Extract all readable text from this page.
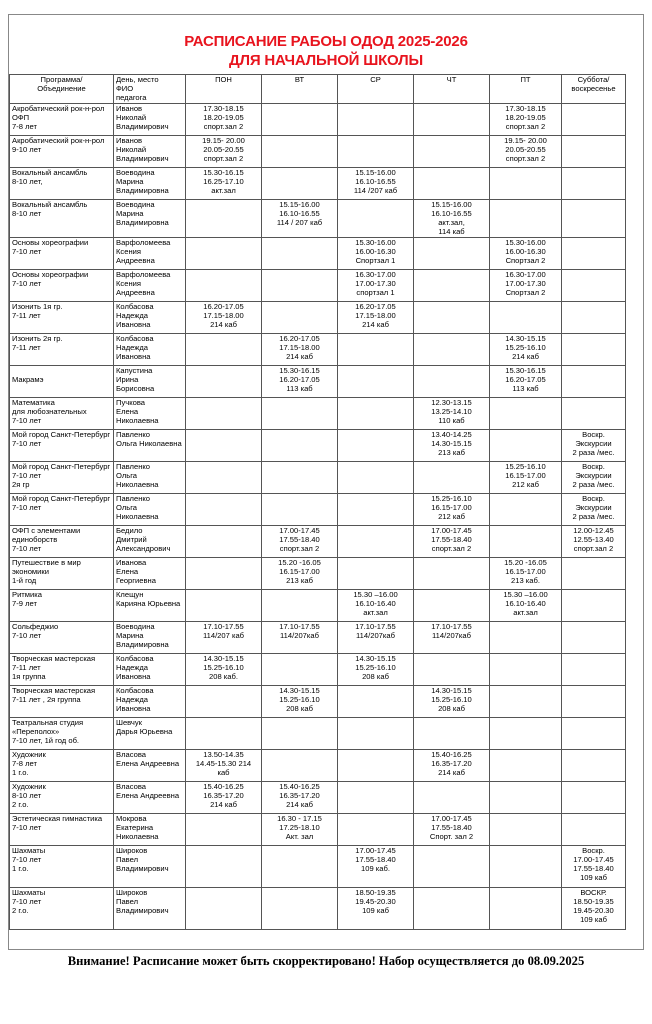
РАСПИСАНИЕ РАБОЫ ОДОД 2025-2026
ДЛЯ НАЧАЛЬНОЙ ШКОЛЫ
Программа/
Объединение	День, место
ФИО
педагога	ПОН	ВТ	СР	ЧТ	ПТ	Суббота/
воскресенье
Акробатический рок-н-рол
ОФП
7-8 лет	Иванов
Николай
Владимирович	17.30-18.15
18.20-19.05
спорт.зал 2				17.30-18.15
18.20-19.05
спорт.зал 2	
Акробатический рок-н-рол
9-10 лет	Иванов
Николай
Владимирович	19.15- 20.00
20.05-20.55
спорт.зал 2				19.15- 20.00
20.05-20.55
спорт.зал 2	
Вокальный ансамбль
8-10 лет,	Воеводина
Марина
Владимировна	15.30-16.15
16.25-17.10
акт.зал		15.15-16.00
16.10-16.55
114 /207 каб			
Вокальный ансамбль
8-10 лет	Воеводина
Марина
Владимировна		15.15-16.00
16.10-16.55
114 / 207 каб		15.15-16.00
16.10-16.55
акт.зал,
114 каб		
Основы хореографии
7-10 лет	Варфоломеева
Ксения
Андреевна			15.30-16.00
16.00-16.30
Спортзал 1		15.30-16.00
16.00-16.30
Спортзал 2	
Основы хореографии
7-10 лет	Варфоломеева
Ксения
Андреевна			16.30-17.00
17.00-17.30
спортзал 1		16.30-17.00
17.00-17.30
Спортзал 2	
Изонить 1я гр.
7-11 лет	Колбасова
Надежда
Ивановна	16.20-17.05
17.15-18.00
214 каб		16.20-17.05
17.15-18.00
214 каб			
Изонить 2я гр.
7-11 лет	Колбасова
Надежда
Ивановна		16.20-17.05
17.15-18.00
214 каб			14.30-15.15
15.25-16.10
214 каб	

Макрамэ	Капустина
Ирина
Борисовна		15.30-16.15
16.20-17.05
113 каб			15.30-16.15
16.20-17.05
113 каб	
Математика
для любознательных
7-10 лет	Пучкова
Елена
Николаевна				12.30-13.15
13.25-14.10
110 каб		
Мой город Санкт-Петербург
7-10 лет	Павленко
Ольга Николаевна				13.40-14.25
14.30-15.15
213 каб		Воскр.
Экскурсии
2 раза /мес.
Мой город Санкт-Петербург
7-10 лет
2я гр	Павленко
Ольга
Николаевна					15.25-16.10
16.15-17.00
212 каб	Воскр.
Экскурсии
2 раза /мес.
Мой город Санкт-Петербург
7-10 лет	Павленко
Ольга
Николаевна				15.25-16.10
16.15-17.00
212 каб		Воскр.
Экскурсии
2 раза /мес.
ОФП с элементами
единоборств
7-10 лет	Бедило
Дмитрий
Александрович		17.00-17.45
17.55-18.40
спорт.зал 2		17.00-17.45
17.55-18.40
спорт.зал 2		12.00-12.45
12.55-13.40
спорт.зал 2
Путешествие в мир
экономики
1-й год	Иванова
Елена
Георгиевна		15.20 -16.05
16.15-17.00
213 каб			15.20 -16.05
16.15-17.00
213 каб.	
Ритмика
7-9 лет	Клещун
Карияна Юрьевна			15.30 –16.00
16.10-16.40
акт.зал		15.30 –16.00
16.10-16.40
акт.зал	
Сольфеджио
7-10 лет	Воеводина
Марина
Владимировна	17.10-17.55
114/207 каб	17.10-17.55
114/207каб	17.10-17.55
114/207каб	17.10-17.55
114/207каб		
Творческая мастерская
7-11 лет
1я группа	Колбасова
Надежда
Ивановна	14.30-15.15
15.25-16.10
208 каб.		14.30-15.15
15.25-16.10
208 каб			
Творческая мастерская
7-11 лет , 2я группа	Колбасова
Надежда
Ивановна		14.30-15.15
15.25-16.10
208 каб		14.30-15.15
15.25-16.10
208 каб		
Театральная студия
«Переполох»
7-10 лет, 1й год об.	Шевчук
Дарья Юрьевна						
Художник
7-8 лет
1 г.о.	Власова
Елена Андреевна	13.50-14.35
14.45-15.30 214
каб			15.40-16.25
16.35-17.20
214 каб		
Художник
8-10 лет
2 г.о.	Власова
Елена Андреевна	15.40-16.25
16.35-17.20
214 каб	15.40-16.25
16.35-17.20
214 каб				
Эстетическая гимнастика
7-10 лет	Мокрова
Екатерина
Николаевна		16.30 - 17.15
17.25-18.10
Акт. зал		17.00-17.45
17.55-18.40
Спорт. зал 2		
Шахматы
7-10 лет
1 г.о.	Широков
Павел
Владимирович			17.00-17.45
17.55-18.40
109 каб.			Воскр.
17.00-17.45
17.55-18.40
109 каб
Шахматы
7-10 лет
2 г.о.	Широков
Павел
Владимирович			18.50-19.35
19.45-20.30
109 каб			ВОСКР.
18.50-19.35
19.45-20.30
109 каб
Внимание! Расписание может быть скорректировано! Набор осуществляется до 08.09.2025
